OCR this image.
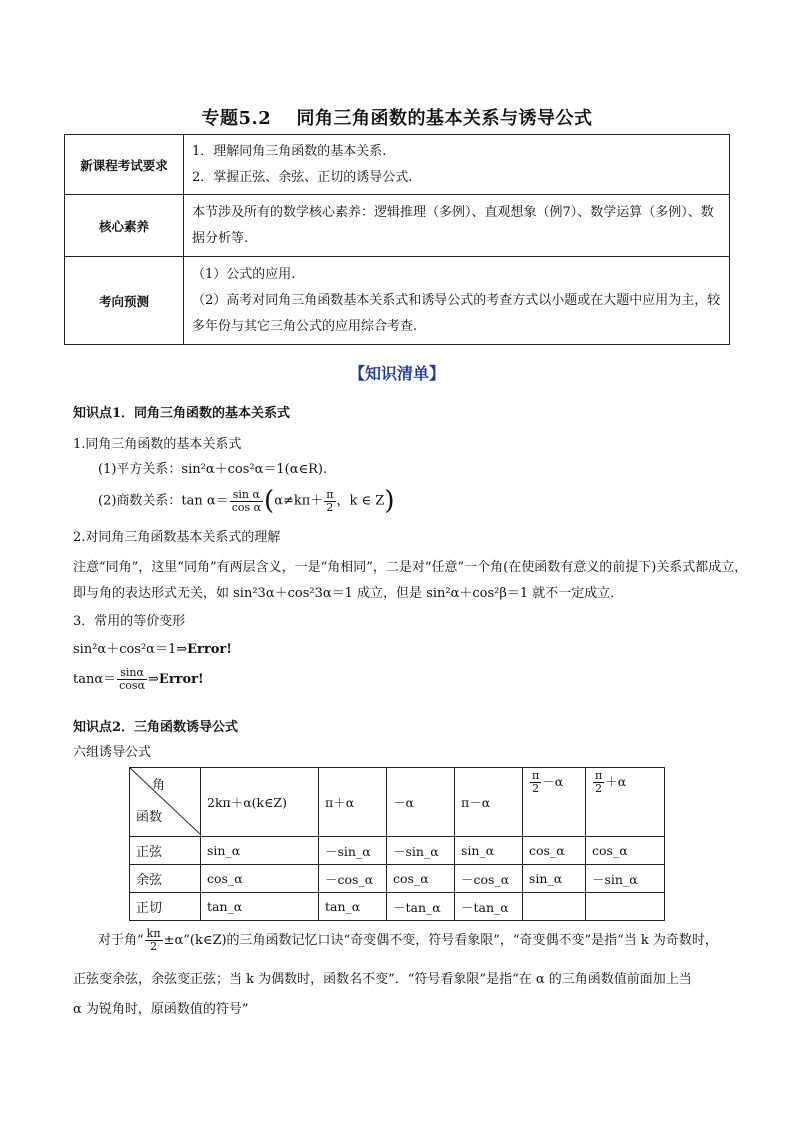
专题5.2　 同角三角函数的基本关系与诱导公式
新课程考试要求	1．理解同角三角函数的基本关系.
2．掌握正弦、余弦、正切的诱导公式.

核心素养	本节涉及所有的数学核心素养：逻辑推理（多例）、直观想象（例7）、数学运算（多例）、数据分析等.

考向预测	（1）公式的应用.
（2）高考对同角三角函数基本关系式和诱导公式的考查方式以小题或在大题中应用为主，较多年份与其它三角公式的应用综合考查.
【知识清单】
知识点1．同角三角函数的基本关系式
1.同角三角函数的基本关系式
(1)平方关系：sin²α＋cos²α＝1(α∈R).
(2)商数关系：$\tan \alpha= \frac{\text{sin α}}{\text{cos α}} (\alpha\ne k\pi+ \frac{\pi}{2}$ ，k ∈ Z)
2.对同角三角函数基本关系式的理解
注意“同角”，这里“同角”有两层含义，一是“角相同”，二是对“任意”一个角(在使函数有意义的前提下)关系式都成立，
即与角的表达形式无关，如 sin²3α＋cos²3α＝1 成立，但是 sin²α＋cos²β＝1 就不一定成立．
3．常用的等价变形
sin²α＋cos²α＝1⇒Error!
$\tan\alpha= \frac{\sin\alpha}{\cos\alpha}$ ⇒Error!
知识点2．三角函数诱导公式
六组诱导公式
角
函数	2kπ＋α(k∈Z)	π＋α	－α	π－α	$\frac{\pi}{2} -\alpha$	$\frac{\pi}{2} +\alpha$
正弦	sin_α	－sin_α	－sin_α	sin_α	cos_α	cos_α
余弦	cos_α	－cos_α	cos_α	－cos_α	sin_α	－sin_α
正切	tan_α	tan_α	－tan_α	－tan_α		
对于角“ $\frac{k\pi}{2}$ ±α”(k∈Z)的三角函数记忆口诀“奇变偶不变，符号看象限”，“奇变偶不变”是指“当 k 为奇数时，
正弦变余弦，余弦变正弦；当 k 为偶数时，函数名不变”．“符号看象限”是指“在 α 的三角函数值前面加上当
α 为锐角时，原函数值的符号”
